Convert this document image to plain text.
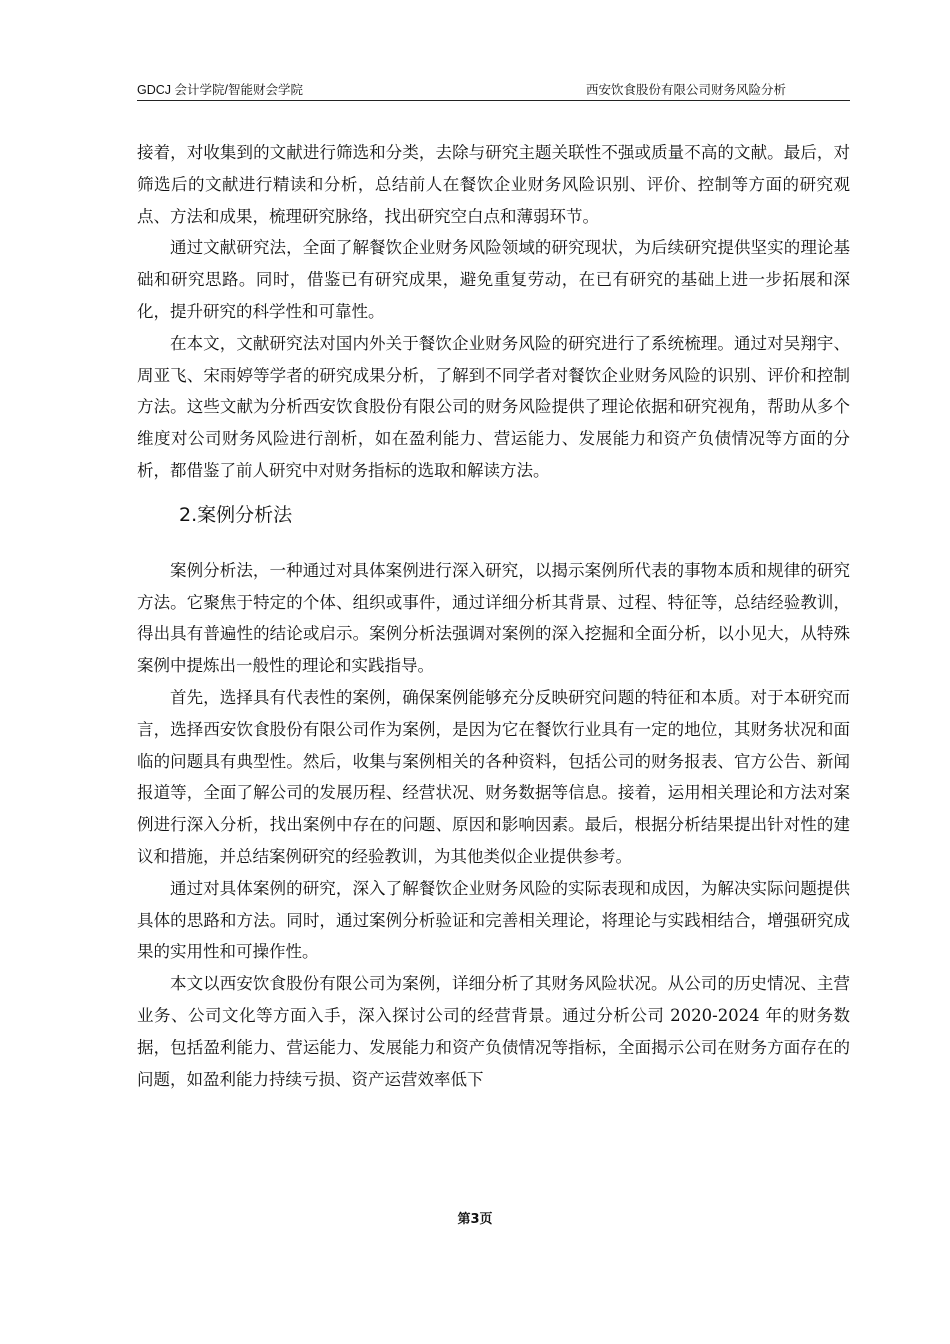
GDCJ 会计学院/智能财会学院	西安饮食股份有限公司财务风险分析

接着，对收集到的文献进行筛选和分类，去除与研究主题关联性不强或质量不高的文献。最后，对筛选后的文献进行精读和分析，总结前人在餐饮企业财务风险识别、评价、控制等方面的研究观点、方法和成果，梳理研究脉络，找出研究空白点和薄弱环节。

通过文献研究法，全面了解餐饮企业财务风险领域的研究现状，为后续研究提供坚实的理论基础和研究思路。同时，借鉴已有研究成果，避免重复劳动，在已有研究的基础上进一步拓展和深化，提升研究的科学性和可靠性。

在本文，文献研究法对国内外关于餐饮企业财务风险的研究进行了系统梳理。通过对吴翔宇、周亚飞、宋雨婷等学者的研究成果分析，了解到不同学者对餐饮企业财务风险的识别、评价和控制方法。这些文献为分析西安饮食股份有限公司的财务风险提供了理论依据和研究视角，帮助从多个维度对公司财务风险进行剖析，如在盈利能力、营运能力、发展能力和资产负债情况等方面的分析，都借鉴了前人研究中对财务指标的选取和解读方法。

2.案例分析法

案例分析法，一种通过对具体案例进行深入研究，以揭示案例所代表的事物本质和规律的研究方法。它聚焦于特定的个体、组织或事件，通过详细分析其背景、过程、特征等，总结经验教训，得出具有普遍性的结论或启示。案例分析法强调对案例的深入挖掘和全面分析，以小见大，从特殊案例中提炼出一般性的理论和实践指导。

首先，选择具有代表性的案例，确保案例能够充分反映研究问题的特征和本质。对于本研究而言，选择西安饮食股份有限公司作为案例，是因为它在餐饮行业具有一定的地位，其财务状况和面临的问题具有典型性。然后，收集与案例相关的各种资料，包括公司的财务报表、官方公告、新闻报道等，全面了解公司的发展历程、经营状况、财务数据等信息。接着，运用相关理论和方法对案例进行深入分析，找出案例中存在的问题、原因和影响因素。最后，根据分析结果提出针对性的建议和措施，并总结案例研究的经验教训，为其他类似企业提供参考。

通过对具体案例的研究，深入了解餐饮企业财务风险的实际表现和成因，为解决实际问题提供具体的思路和方法。同时，通过案例分析验证和完善相关理论，将理论与实践相结合，增强研究成果的实用性和可操作性。

本文以西安饮食股份有限公司为案例，详细分析了其财务风险状况。从公司的历史情况、主营业务、公司文化等方面入手，深入探讨公司的经营背景。通过分析公司 2020-2024 年的财务数据，包括盈利能力、营运能力、发展能力和资产负债情况等指标，全面揭示公司在财务方面存在的问题，如盈利能力持续亏损、资产运营效率低下

第3页
